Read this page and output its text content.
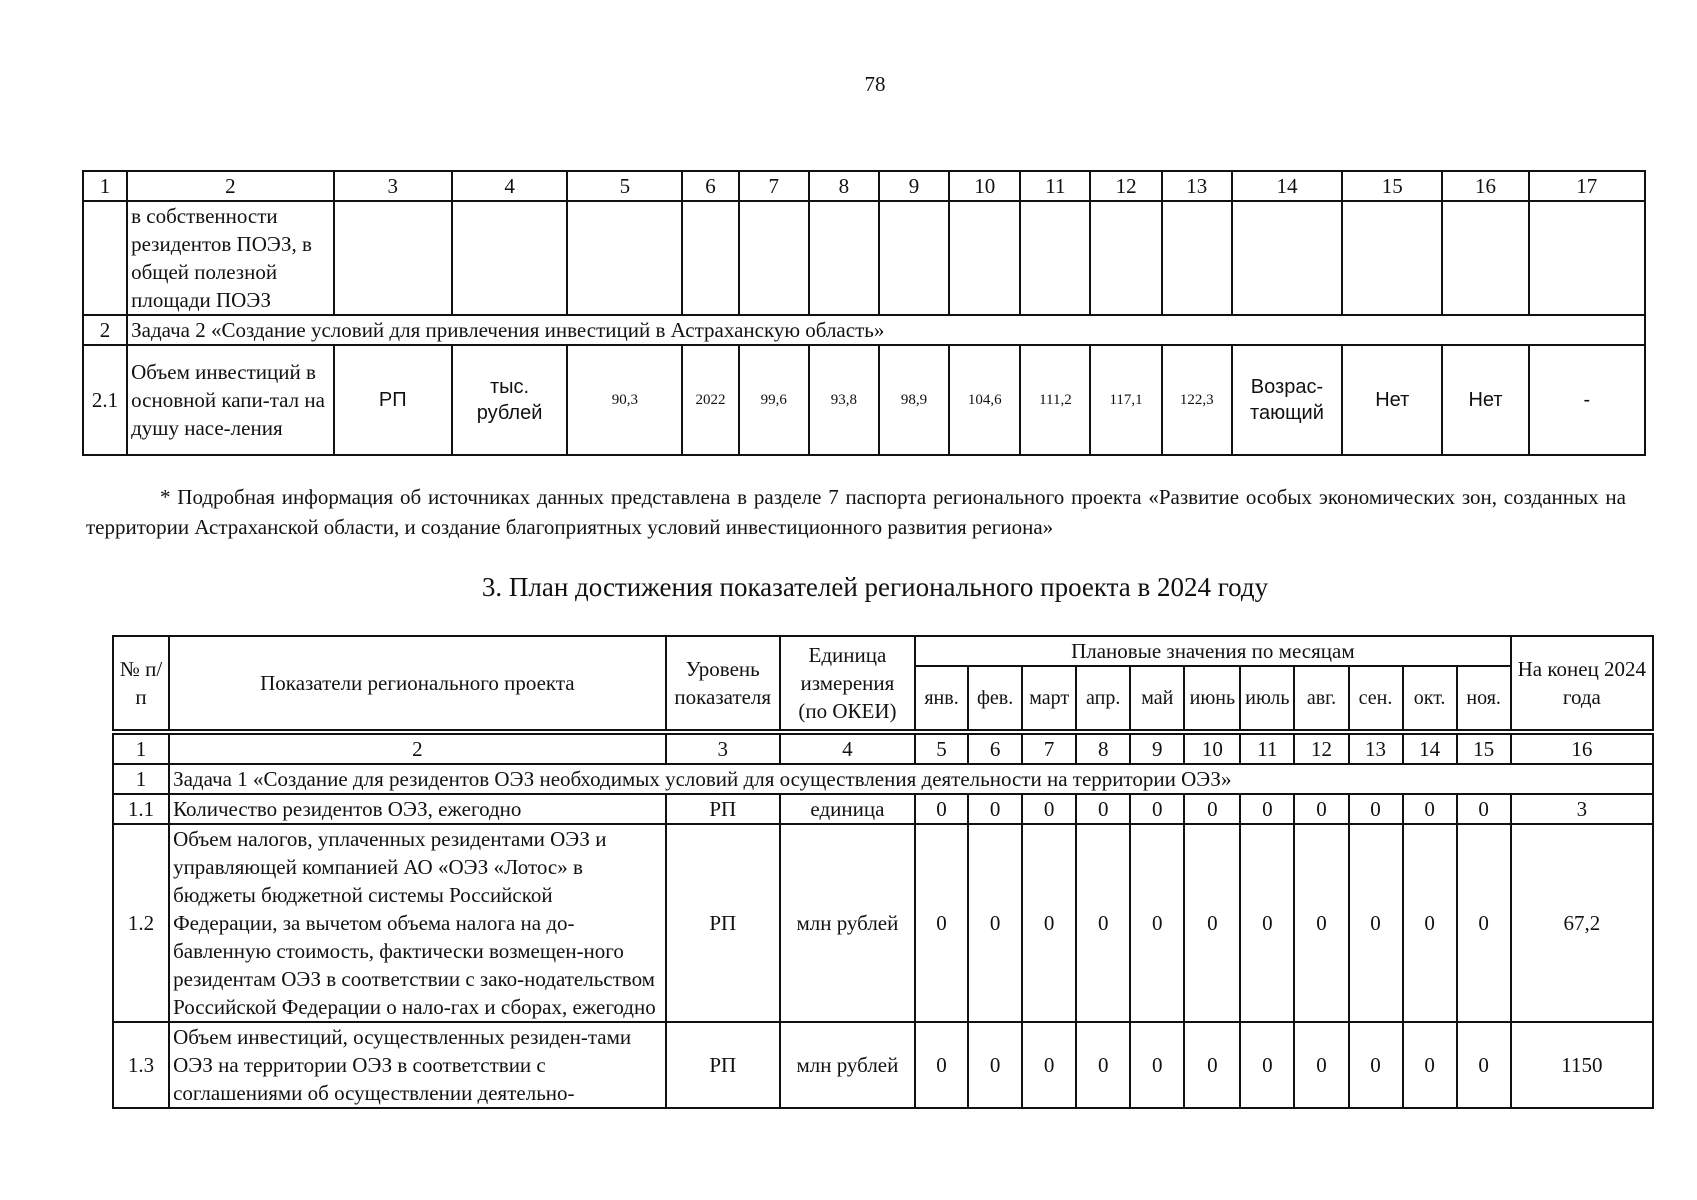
78
1	2	3	4	5	6	7	8	9	10	11	12	13	14	15	16	17
	в собственности резидентов ПОЭЗ, в общей полезной площади ПОЭЗ															
2	Задача 2 «Создание условий для привлечения инвестиций в Астраханскую область»															
2.1	Объем инвестиций в основной капи-тал на душу насе-ления	РП	тыс. рублей	90,3	2022	99,6	93,8	98,9	104,6	111,2	117,1	122,3	Возрас-тающий	Нет	Нет	-
* Подробная информация об источниках данных представлена в разделе 7 паспорта регионального проекта «Развитие особых экономических зон, созданных на территории Астраханской области, и создание благоприятных условий инвестиционного развития региона»
3. План достижения показателей регионального проекта в 2024 году
№ п/п	Показатели регионального проекта	Уровень показателя	Единица измерения (по ОКЕИ)	Плановые значения по месяцам											На конец 2024 года
				янв.	фев.	март	апр.	май	июнь	июль	авг.	сен.	окт.	ноя.	

1	2	3	4	5	6	7	8	9	10	11	12	13	14	15	16
1	Задача 1 «Создание для резидентов ОЭЗ необходимых условий для осуществления деятельности на территории ОЭЗ»														
1.1	Количество резидентов ОЭЗ, ежегодно	РП	единица	0	0	0	0	0	0	0	0	0	0	0	3
1.2	Объем налогов, уплаченных резидентами ОЭЗ и управляющей компанией АО «ОЭЗ «Лотос» в бюджеты бюджетной системы Российской Федерации, за вычетом объема налога на до-бавленную стоимость, фактически возмещен-ного резидентам ОЭЗ в соответствии с зако-нодательством Российской Федерации о нало-гах и сборах, ежегодно	РП	млн рублей	0	0	0	0	0	0	0	0	0	0	0	67,2
1.3	Объем инвестиций, осуществленных резиден-тами ОЭЗ на территории ОЭЗ в соответствии с соглашениями об осуществлении деятельно-	РП	млн рублей	0	0	0	0	0	0	0	0	0	0	0	1150
